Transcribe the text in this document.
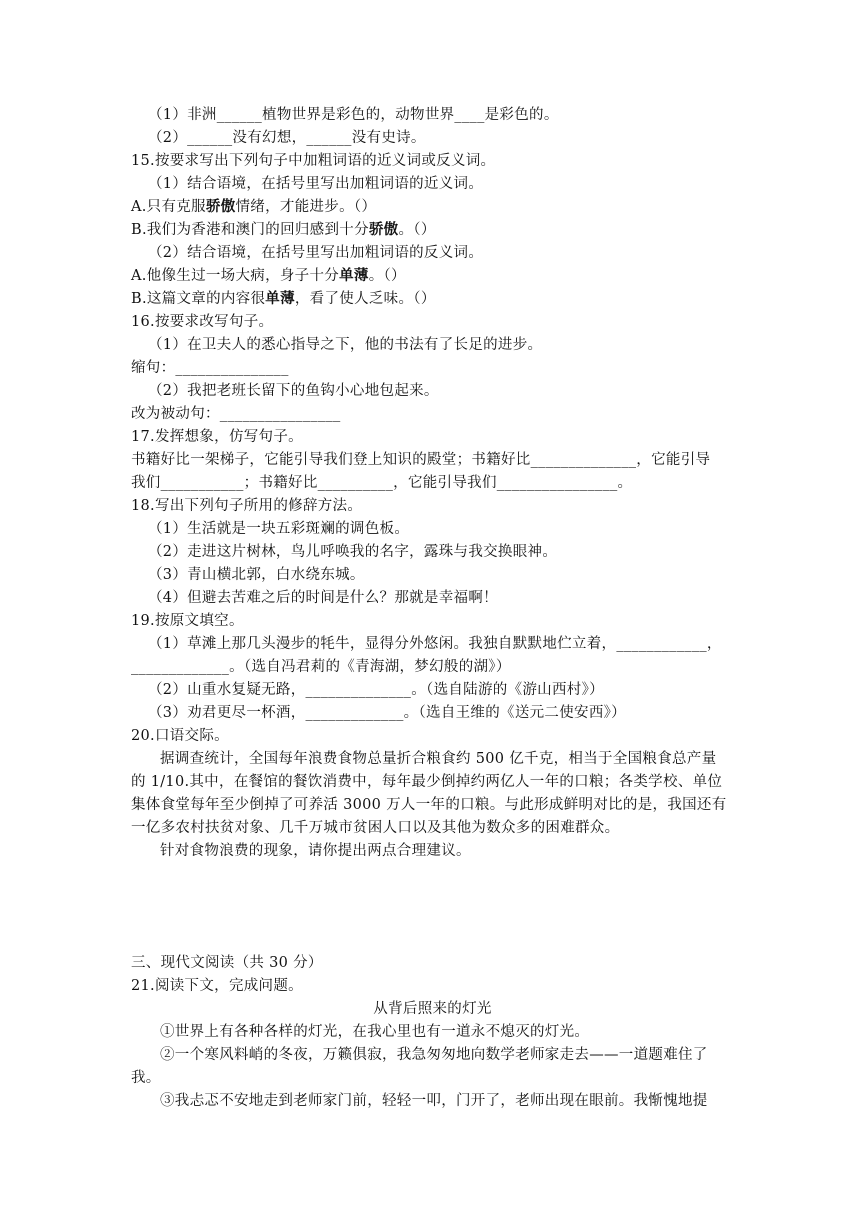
（1）非洲______植物世界是彩色的，动物世界____是彩色的。
（2）______没有幻想，______没有史诗。
15.按要求写出下列句子中加粗词语的近义词或反义词。
（1）结合语境，在括号里写出加粗词语的近义词。
A.只有克服骄傲情绪，才能进步。（）
B.我们为香港和澳门的回归感到十分骄傲。（）
（2）结合语境，在括号里写出加粗词语的反义词。
A.他像生过一场大病，身子十分单薄。（）
B.这篇文章的内容很单薄，看了使人乏味。（）
16.按要求改写句子。
（1）在卫夫人的悉心指导之下，他的书法有了长足的进步。
缩句：_______________
（2）我把老班长留下的鱼钩小心地包起来。
改为被动句：________________
17.发挥想象，仿写句子。
书籍好比一架梯子，它能引导我们登上知识的殿堂；书籍好比______________，它能引导
我们___________；书籍好比__________，它能引导我们________________。
18.写出下列句子所用的修辞方法。
（1）生活就是一块五彩斑斓的调色板。
（2）走进这片树林，鸟儿呼唤我的名字，露珠与我交换眼神。
（3）青山横北郭，白水绕东城。
（4）但避去苦难之后的时间是什么？那就是幸福啊！
19.按原文填空。
（1）草滩上那几头漫步的牦牛，显得分外悠闲。我独自默默地伫立着，____________，
_____________。（选自冯君莉的《青海湖，梦幻般的湖》）
（2）山重水复疑无路，______________。（选自陆游的《游山西村》）
（3）劝君更尽一杯酒，_____________。（选自王维的《送元二使安西》）
20.口语交际。
据调查统计，全国每年浪费食物总量折合粮食约 500 亿千克，相当于全国粮食总产量
的 1/10.其中，在餐馆的餐饮消费中，每年最少倒掉约两亿人一年的口粮；各类学校、单位
集体食堂每年至少倒掉了可养活 3000 万人一年的口粮。与此形成鲜明对比的是，我国还有
一亿多农村扶贫对象、几千万城市贫困人口以及其他为数众多的困难群众。
针对食物浪费的现象，请你提出两点合理建议。
三、现代文阅读（共 30 分）
21.阅读下文，完成问题。
从背后照来的灯光
①世界上有各种各样的灯光，在我心里也有一道永不熄灭的灯光。
②一个寒风料峭的冬夜，万籁俱寂，我急匆匆地向数学老师家走去——一道题难住了
我。
③我忐忑不安地走到老师家门前，轻轻一叩，门开了，老师出现在眼前。我惭愧地提
